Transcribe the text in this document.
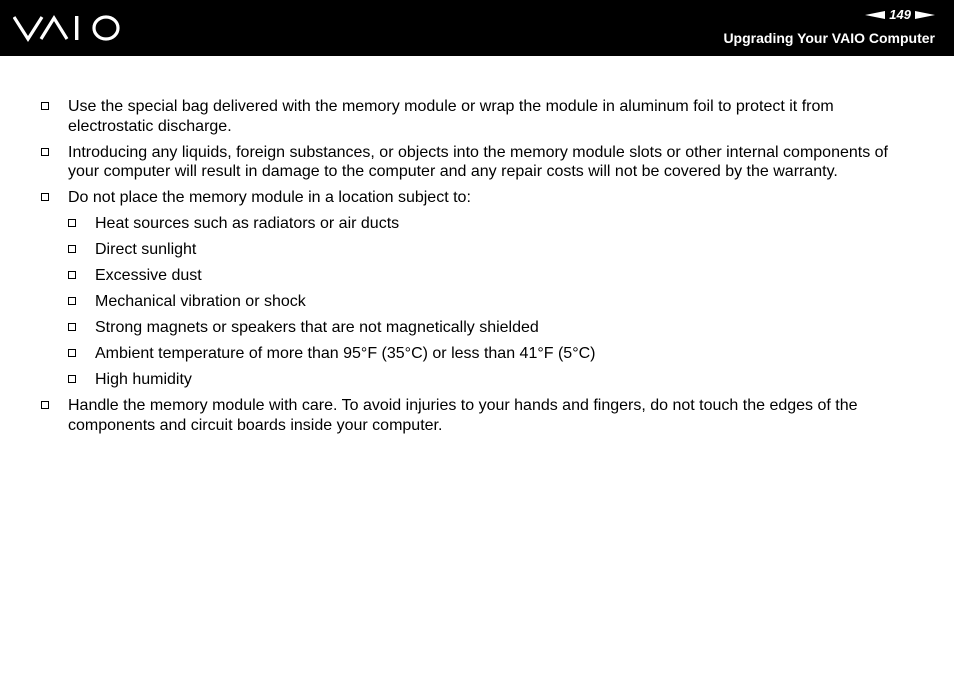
149
Upgrading Your VAIO Computer
Use the special bag delivered with the memory module or wrap the module in aluminum foil to protect it from electrostatic discharge.
Introducing any liquids, foreign substances, or objects into the memory module slots or other internal components of your computer will result in damage to the computer and any repair costs will not be covered by the warranty.
Do not place the memory module in a location subject to:
Heat sources such as radiators or air ducts
Direct sunlight
Excessive dust
Mechanical vibration or shock
Strong magnets or speakers that are not magnetically shielded
Ambient temperature of more than 95°F (35°C) or less than 41°F (5°C)
High humidity
Handle the memory module with care. To avoid injuries to your hands and fingers, do not touch the edges of the components and circuit boards inside your computer.
